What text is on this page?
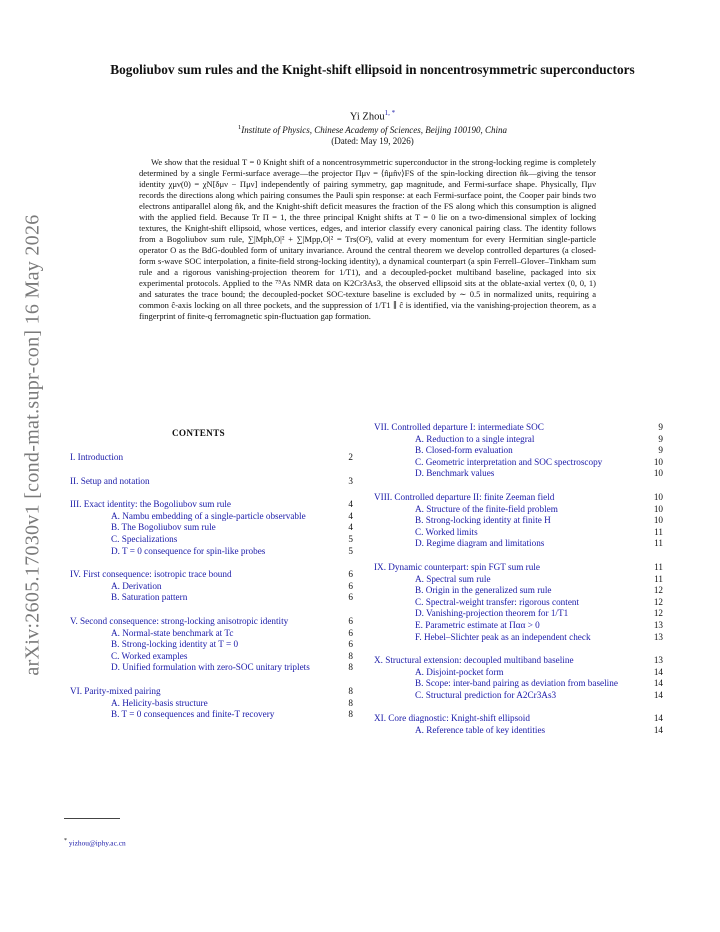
arXiv:2605.17030v1 [cond-mat.supr-con] 16 May 2026
Bogoliubov sum rules and the Knight-shift ellipsoid in noncentrosymmetric superconductors
Yi Zhou$^{1, *}$
$^1$Institute of Physics, Chinese Academy of Sciences, Beijing 100190, China
(Dated: May 19, 2026)
We show that the residual T = 0 Knight shift of a noncentrosymmetric superconductor in the strong-locking regime is completely determined by a single Fermi-surface average—the projector Πμν = ⟨n̂μn̂ν⟩FS of the spin-locking direction n̂k—giving the tensor identity χμν(0) = χN[δμν − Πμν] independently of pairing symmetry, gap magnitude, and Fermi-surface shape. Physically, Πμν records the directions along which pairing consumes the Pauli spin response: at each Fermi-surface point, the Cooper pair binds two electrons antiparallel along n̂k, and the Knight-shift deficit measures the fraction of the FS along which this consumption is aligned with the applied field. Because Tr Π = 1, the three principal Knight shifts at T = 0 lie on a two-dimensional simplex of locking textures, the Knight-shift ellipsoid, whose vertices, edges, and interior classify every canonical pairing class. The identity follows from a Bogoliubov sum rule, ∑|Mph,O|² + ∑|Mpp,O|² = Trs(O²), valid at every momentum for every Hermitian single-particle operator O as the BdG-doubled form of unitary invariance. Around the central theorem we develop controlled departures (a closed-form s-wave SOC interpolation, a finite-field strong-locking identity), a dynamical counterpart (a spin Ferrell–Glover–Tinkham sum rule and a rigorous vanishing-projection theorem for 1/T1), and a decoupled-pocket multiband baseline, packaged into six experimental protocols. Applied to the ⁷⁵As NMR data on K2Cr3As3, the observed ellipsoid sits at the oblate-axial vertex (0, 0, 1) and saturates the trace bound; the decoupled-pocket SOC-texture baseline is excluded by ∼ 0.5 in normalized units, requiring a common ĉ-axis locking on all three pockets, and the suppression of 1/T1 ∥ ĉ is identified, via the vanishing-projection theorem, as a fingerprint of finite-q ferromagnetic spin-fluctuation gap formation.
CONTENTS
I. Introduction	2
II. Setup and notation	3
III. Exact identity: the Bogoliubov sum rule	4
A. Nambu embedding of a single-particle observable	4
B. The Bogoliubov sum rule	4
C. Specializations	5
D. T = 0 consequence for spin-like probes	5
IV. First consequence: isotropic trace bound	6
A. Derivation	6
B. Saturation pattern	6
V. Second consequence: strong-locking anisotropic identity	6
A. Normal-state benchmark at Tc	6
B. Strong-locking identity at T = 0	6
C. Worked examples	8
D. Unified formulation with zero-SOC unitary triplets	8
VI. Parity-mixed pairing	8
A. Helicity-basis structure	8
B. T = 0 consequences and finite-T recovery	8
VII. Controlled departure I: intermediate SOC	9
A. Reduction to a single integral	9
B. Closed-form evaluation	9
C. Geometric interpretation and SOC spectroscopy	10
D. Benchmark values	10
VIII. Controlled departure II: finite Zeeman field	10
A. Structure of the finite-field problem	10
B. Strong-locking identity at finite H	10
C. Worked limits	11
D. Regime diagram and limitations	11
IX. Dynamic counterpart: spin FGT sum rule	11
A. Spectral sum rule	11
B. Origin in the generalized sum rule	12
C. Spectral-weight transfer: rigorous content	12
D. Vanishing-projection theorem for 1/T1	12
E. Parametric estimate at Παα > 0	13
F. Hebel–Slichter peak as an independent check	13
X. Structural extension: decoupled multiband baseline	13
A. Disjoint-pocket form	14
B. Scope: inter-band pairing as deviation from baseline	14
C. Structural prediction for A2Cr3As3	14
XI. Core diagnostic: Knight-shift ellipsoid	14
A. Reference table of key identities	14
* yizhou@iphy.ac.cn
